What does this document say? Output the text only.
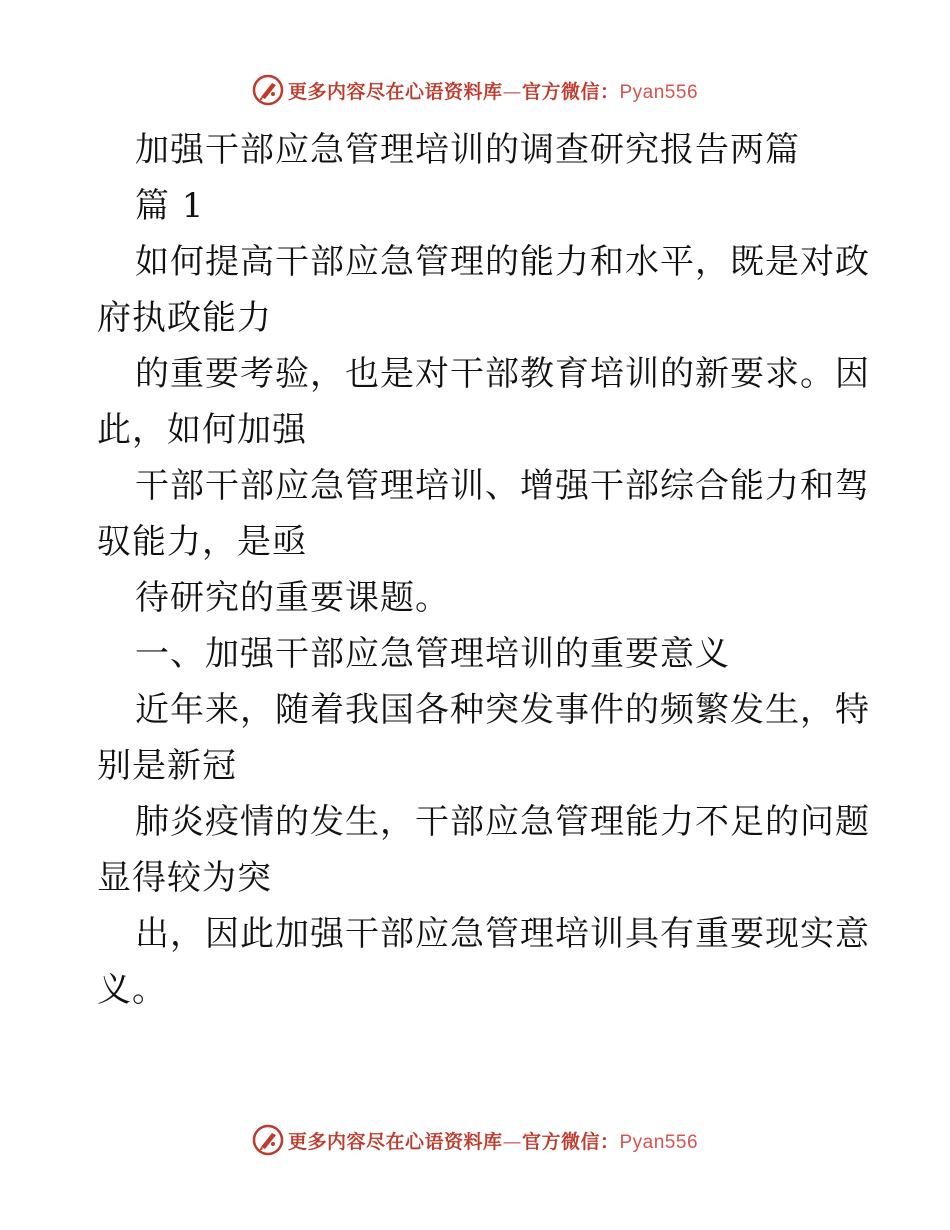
更多内容尽在心语资料库—官方微信：Pyan556
加强干部应急管理培训的调查研究报告两篇
篇 1
如何提高干部应急管理的能力和水平，既是对政
府执政能力
的重要考验，也是对干部教育培训的新要求。因
此，如何加强
干部干部应急管理培训、增强干部综合能力和驾
驭能力，是亟
待研究的重要课题。
一、加强干部应急管理培训的重要意义
近年来，随着我国各种突发事件的频繁发生，特
别是新冠
肺炎疫情的发生，干部应急管理能力不足的问题
显得较为突
出，因此加强干部应急管理培训具有重要现实意
义。
更多内容尽在心语资料库—官方微信：Pyan556
